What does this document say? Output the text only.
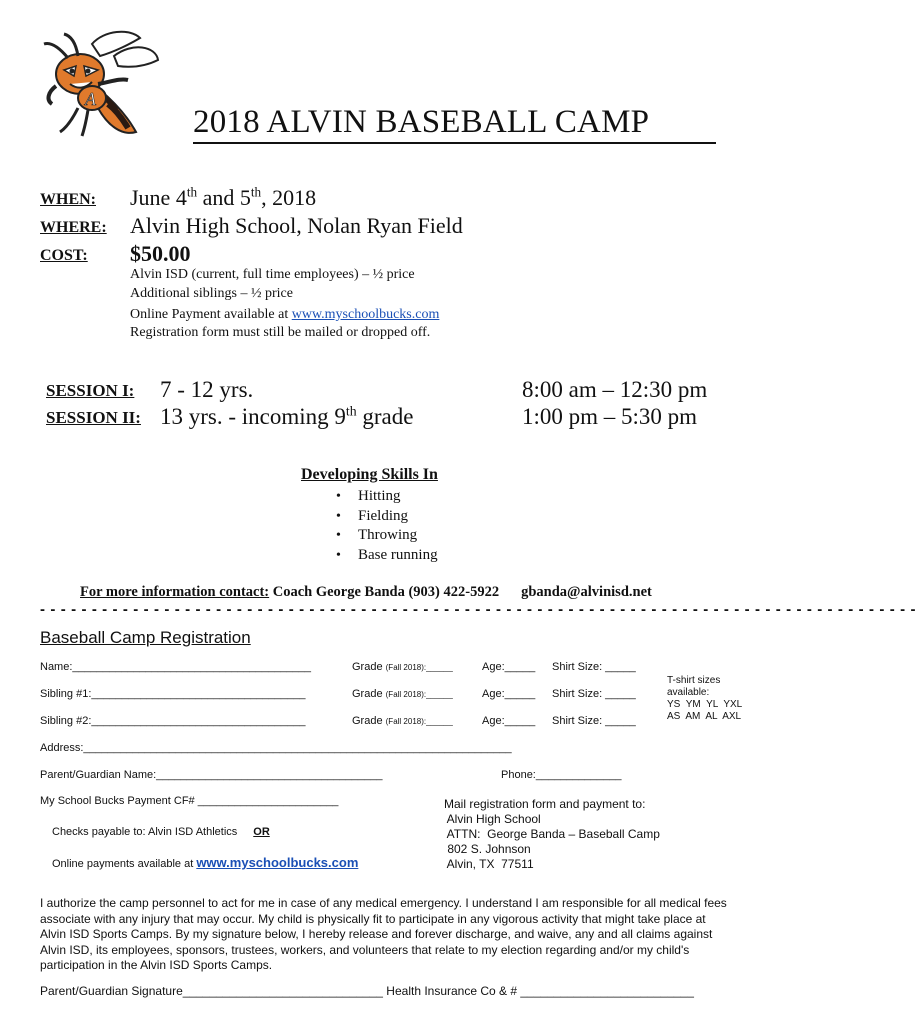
A
2018 ALVIN BASEBALL CAMP
WHEN: June 4th and 5th, 2018
WHERE: Alvin High School, Nolan Ryan Field
COST: $50.00
Alvin ISD (current, full time employees) – ½ price
Additional siblings – ½ price
Online Payment available at www.myschoolbucks.com
Registration form must still be mailed or dropped off.
SESSION I: 7 - 12 yrs.	8:00 am – 12:30 pm
SESSION II: 13 yrs. - incoming 9th grade	1:00 pm – 5:30 pm
Developing Skills In
• Hitting
• Fielding
• Throwing
• Base running
For more information contact: Coach George Banda (903) 422-5922 gbanda@alvinisd.net
- - - - - - - - - - - - - - - - - - - - - - - - - - - - - - - - - - - - - - - - - - - - - - - - - - - - - - - - - - - - - - - - - - - - - - - - - - - - - - - - - - - - -
Baseball Camp Registration
Name:_______________________________________	Grade (Fall 2018):______	Age:_____ Shirt Size: _____
Sibling #1:___________________________________	Grade (Fall 2018):______	Age:_____ Shirt Size: _____
Sibling #2:___________________________________	Grade (Fall 2018):______	Age:_____ Shirt Size: _____
T-shirt sizes
available:
YS  YM  YL  YXL
AS  AM  AL  AXL
Address:______________________________________________________________________
Parent/Guardian Name:_____________________________________	Phone:______________
My School Bucks Payment CF# _______________________
Checks payable to: Alvin ISD Athletics OR
Online payments available at www.myschoolbucks.com
Mail registration form and payment to:
Alvin High School
ATTN:  George Banda – Baseball Camp
802 S. Johnson
Alvin, TX  77511
I authorize the camp personnel to act for me in case of any medical emergency. I understand I am responsible for all medical fees associate with any injury that may occur. My child is physically fit to participate in any vigorous activity that might take place at Alvin ISD Sports Camps. By my signature below, I hereby release and forever discharge, and waive, any and all claims against Alvin ISD, its employees, sponsors, trustees, workers, and volunteers that relate to my election regarding and/or my child's participation in the Alvin ISD Sports Camps.
Parent/Guardian Signature______________________________ Health Insurance Co & # __________________________
